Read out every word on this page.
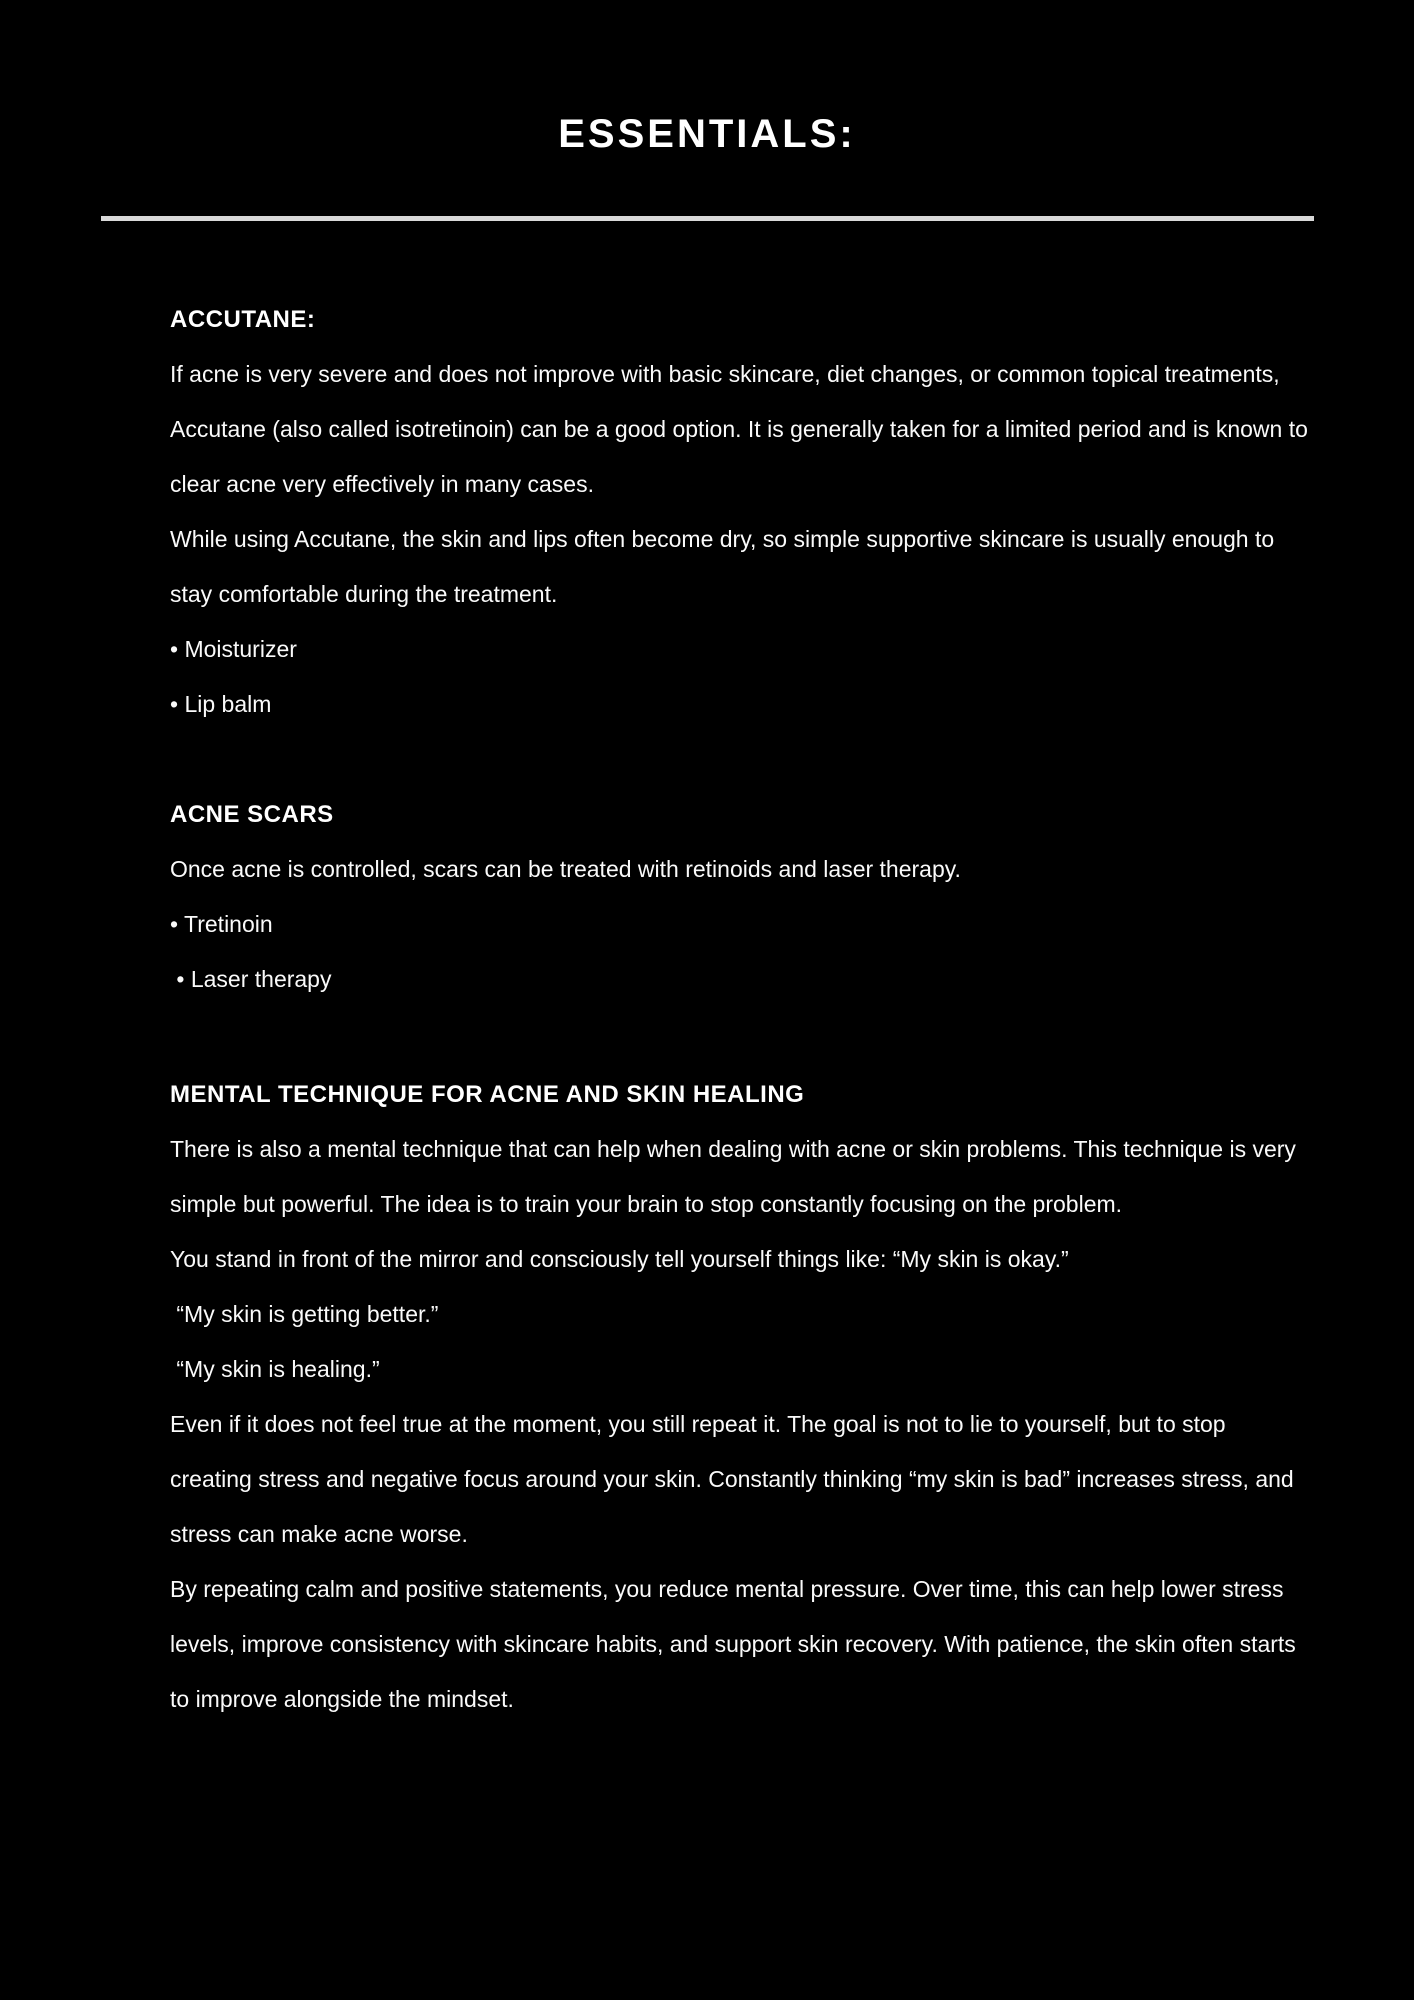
ESSENTIALS:
ACCUTANE:

If acne is very severe and does not improve with basic skincare, diet changes, or common topical treatments, Accutane (also called isotretinoin) can be a good option. It is generally taken for a limited period and is known to clear acne very effectively in many cases.

While using Accutane, the skin and lips often become dry, so simple supportive skincare is usually enough to stay comfortable during the treatment.

• Moisturizer

• Lip balm

ACNE SCARS

Once acne is controlled, scars can be treated with retinoids and laser therapy.

• Tretinoin

• Laser therapy

MENTAL TECHNIQUE FOR ACNE AND SKIN HEALING

There is also a mental technique that can help when dealing with acne or skin problems. This technique is very simple but powerful. The idea is to train your brain to stop constantly focusing on the problem.

You stand in front of the mirror and consciously tell yourself things like: “My skin is okay.”

“My skin is getting better.”

“My skin is healing.”

Even if it does not feel true at the moment, you still repeat it. The goal is not to lie to yourself, but to stop creating stress and negative focus around your skin. Constantly thinking “my skin is bad” increases stress, and stress can make acne worse.

By repeating calm and positive statements, you reduce mental pressure. Over time, this can help lower stress levels, improve consistency with skincare habits, and support skin recovery. With patience, the skin often starts to improve alongside the mindset.
